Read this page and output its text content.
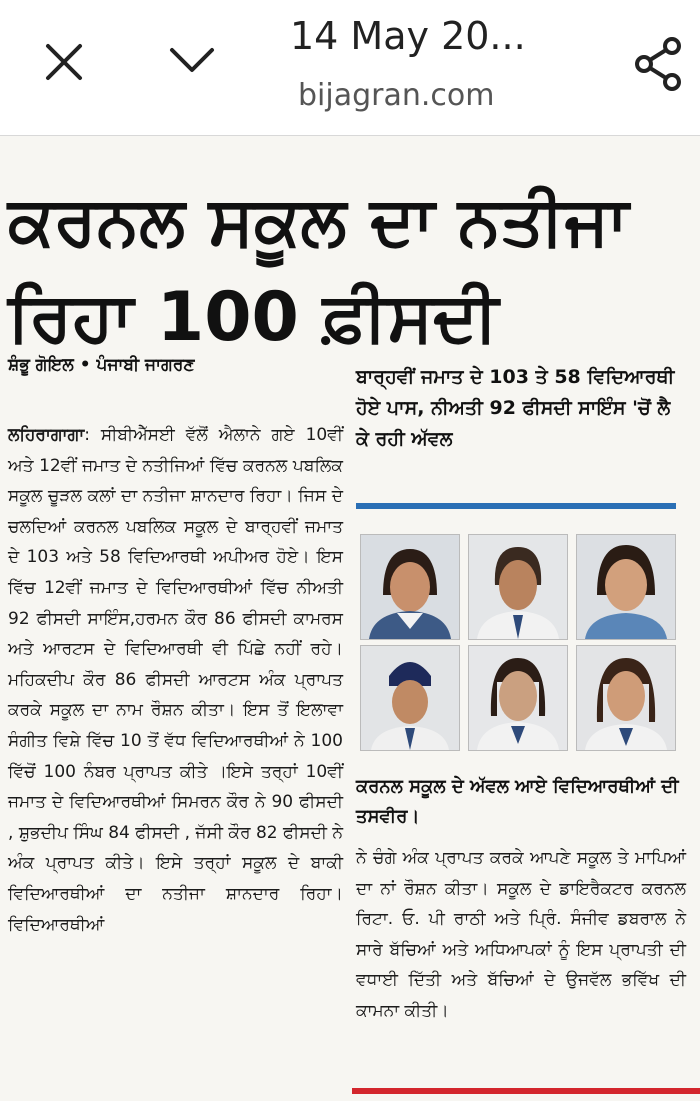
14 May 20...
bijagran.com
ਕਰਨਲ ਸਕੂਲ ਦਾ ਨਤੀਜਾ ਰਿਹਾ 100 ਫ਼ੀਸਦੀ
ਸ਼ੰਭੂ ਗੋਇਲ • ਪੰਜਾਬੀ ਜਾਗਰਣ
ਲਹਿਰਾਗਾਗਾ: ਸੀਬੀਐੱਸਈ ਵੱਲੋਂ ਐਲਾਨੇ ਗਏ 10ਵੀਂ ਅਤੇ 12ਵੀਂ ਜਮਾਤ ਦੇ ਨਤੀਜਿਆਂ ਵਿੱਚ ਕਰਨਲ ਪਬਲਿਕ ਸਕੂਲ ਚੂੜਲ ਕਲਾਂ ਦਾ ਨਤੀਜਾ ਸ਼ਾਨਦਾਰ ਰਿਹਾ। ਜਿਸ ਦੇ ਚਲਦਿਆਂ ਕਰਨਲ ਪਬਲਿਕ ਸਕੂਲ ਦੇ ਬਾਰ੍ਹਵੀਂ ਜਮਾਤ ਦੇ 103 ਅਤੇ 58 ਵਿਦਿਆਰਥੀ ਅਪੀਅਰ ਹੋਏ। ਇਸ ਵਿੱਚ 12ਵੀਂ ਜਮਾਤ ਦੇ ਵਿਦਿਆਰਥੀਆਂ ਵਿੱਚ ਨੀਅਤੀ 92 ਫੀਸਦੀ ਸਾਇੰਸ,ਹਰਮਨ ਕੌਰ 86 ਫੀਸਦੀ ਕਾਮਰਸ ਅਤੇ ਆਰਟਸ ਦੇ ਵਿਦਿਆਰਥੀ ਵੀ ਪਿੱਛੇ ਨਹੀਂ ਰਹੇ। ਮਹਿਕਦੀਪ ਕੌਰ 86 ਫੀਸਦੀ ਆਰਟਸ ਅੰਕ ਪ੍ਰਾਪਤ ਕਰਕੇ ਸਕੂਲ ਦਾ ਨਾਮ ਰੌਸ਼ਨ ਕੀਤਾ। ਇਸ ਤੋਂ ਇਲਾਵਾ ਸੰਗੀਤ ਵਿਸ਼ੇ ਵਿੱਚ 10 ਤੋਂ ਵੱਧ ਵਿਦਿਆਰਥੀਆਂ ਨੇ 100 ਵਿੱਚੋਂ 100 ਨੰਬਰ ਪ੍ਰਾਪਤ ਕੀਤੇ ।ਇਸੇ ਤਰ੍ਹਾਂ 10ਵੀਂ ਜਮਾਤ ਦੇ ਵਿਦਿਆਰਥੀਆਂ ਸਿਮਰਨ ਕੌਰ ਨੇ 90 ਫੀਸਦੀ , ਸ਼ੁਭਦੀਪ ਸਿੰਘ 84 ਫੀਸਦੀ , ਜੱਸੀ ਕੌਰ 82 ਫੀਸਦੀ ਨੇ ਅੰਕ ਪ੍ਰਾਪਤ ਕੀਤੇ। ਇਸੇ ਤਰ੍ਹਾਂ ਸਕੂਲ ਦੇ ਬਾਕੀ ਵਿਦਿਆਰਥੀਆਂ ਦਾ ਨਤੀਜਾ ਸ਼ਾਨਦਾਰ ਰਿਹਾ। ਵਿਦਿਆਰਥੀਆਂ
ਬਾਰ੍ਹਵੀਂ ਜਮਾਤ ਦੇ 103 ਤੇ 58 ਵਿਦਿਆਰਥੀ ਹੋਏ ਪਾਸ, ਨੀਅਤੀ 92 ਫੀਸਦੀ ਸਾਇੰਸ 'ਚੋਂ ਲੈ ਕੇ ਰਹੀ ਅੱਵਲ
ਕਰਨਲ ਸਕੂਲ ਦੇ ਅੱਵਲ ਆਏ ਵਿਦਿਆਰਥੀਆਂ ਦੀ ਤਸਵੀਰ।
ਨੇ ਚੰਗੇ ਅੰਕ ਪ੍ਰਾਪਤ ਕਰਕੇ ਆਪਣੇ ਸਕੂਲ ਤੇ ਮਾਪਿਆਂ ਦਾ ਨਾਂ ਰੌਸ਼ਨ ਕੀਤਾ। ਸਕੂਲ ਦੇ ਡਾਇਰੈਕਟਰ ਕਰਨਲ ਰਿਟਾ. ਓ. ਪੀ ਰਾਠੀ ਅਤੇ ਪ੍ਰਿੰ. ਸੰਜੀਵ ਡਬਰਾਲ ਨੇ ਸਾਰੇ ਬੱਚਿਆਂ ਅਤੇ ਅਧਿਆਪਕਾਂ ਨੂੰ ਇਸ ਪ੍ਰਾਪਤੀ ਦੀ ਵਧਾਈ ਦਿੱਤੀ ਅਤੇ ਬੱਚਿਆਂ ਦੇ ਉਜਵੱਲ ਭਵਿੱਖ ਦੀ ਕਾਮਨਾ ਕੀਤੀ।
